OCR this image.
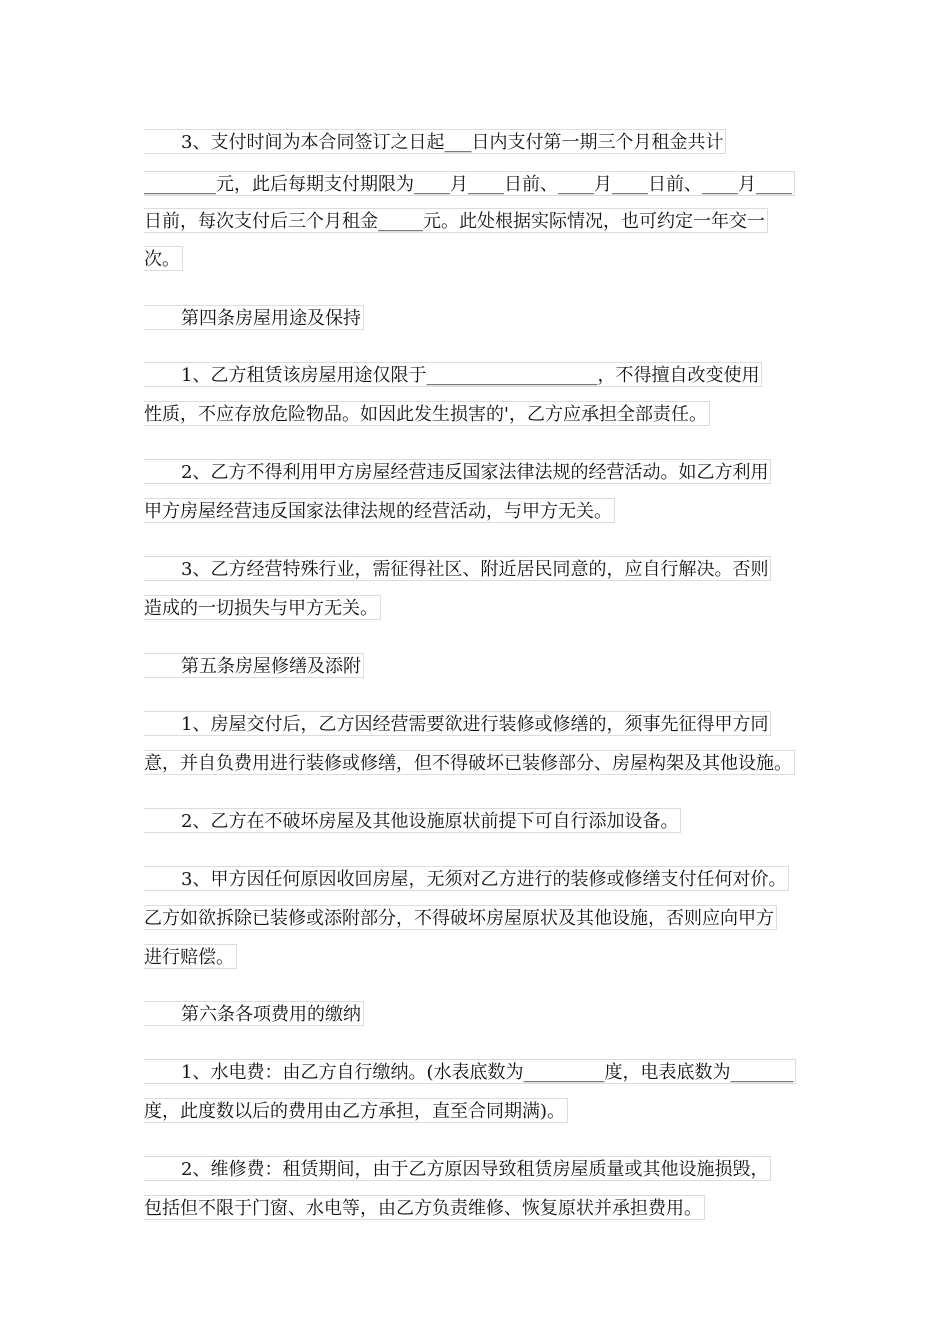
3、支付时间为本合同签订之日起___日内支付第一期三个月租金共计
________元，此后每期支付期限为____月____日前、____月____日前、____月____
日前，每次支付后三个月租金_____元。此处根据实际情况，也可约定一年交一
次。
第四条房屋用途及保持
1、乙方租赁该房屋用途仅限于___________________，不得擅自改变使用
性质，不应存放危险物品。如因此发生损害的'，乙方应承担全部责任。
2、乙方不得利用甲方房屋经营违反国家法律法规的经营活动。如乙方利用
甲方房屋经营违反国家法律法规的经营活动，与甲方无关。
3、乙方经营特殊行业，需征得社区、附近居民同意的，应自行解决。否则
造成的一切损失与甲方无关。
第五条房屋修缮及添附
1、房屋交付后，乙方因经营需要欲进行装修或修缮的，须事先征得甲方同
意，并自负费用进行装修或修缮，但不得破坏已装修部分、房屋构架及其他设施。
2、乙方在不破坏房屋及其他设施原状前提下可自行添加设备。
3、甲方因任何原因收回房屋，无须对乙方进行的装修或修缮支付任何对价。
乙方如欲拆除已装修或添附部分，不得破坏房屋原状及其他设施，否则应向甲方
进行赔偿。
第六条各项费用的缴纳
1、水电费：由乙方自行缴纳。(水表底数为_________度，电表底数为_______
度，此度数以后的费用由乙方承担，直至合同期满)。
2、维修费：租赁期间，由于乙方原因导致租赁房屋质量或其他设施损毁，
包括但不限于门窗、水电等，由乙方负责维修、恢复原状并承担费用。
